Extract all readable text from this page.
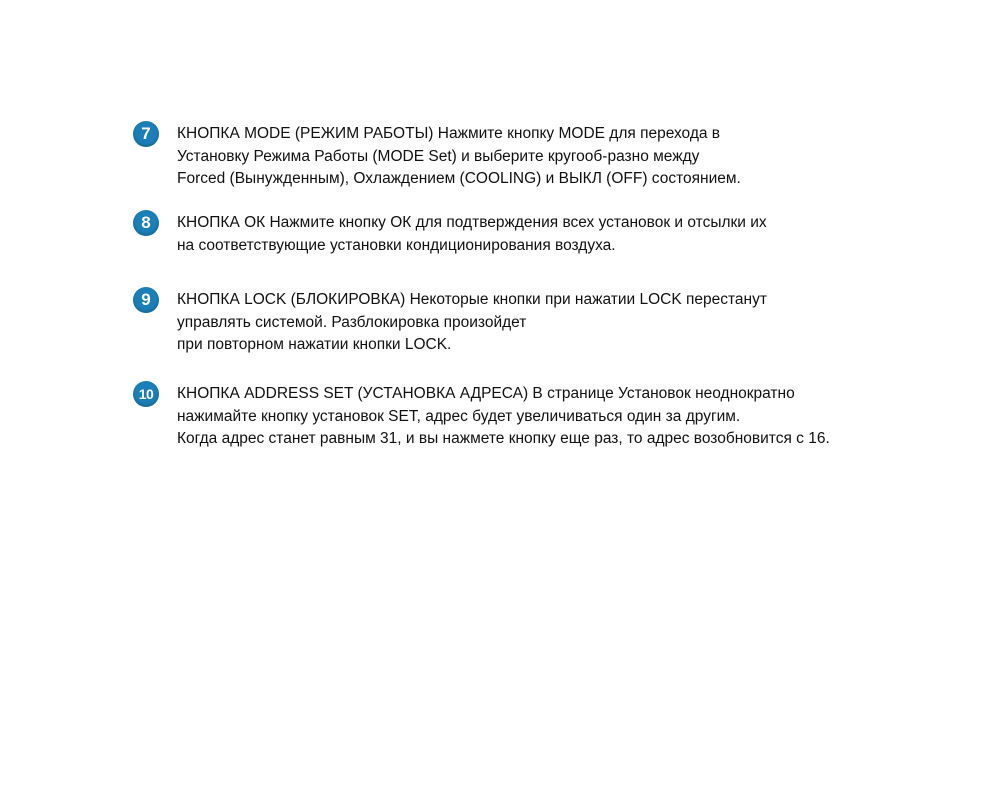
7	КНОПКА MODE (РЕЖИМ РАБОТЫ) Нажмите кнопку MODE для перехода в
Установку Режима Работы (MODE Set) и выберите кругооб-разно между
Forced (Вынужденным), Охлаждением (COOLING) и ВЫКЛ (OFF) состоянием.
8	КНОПКА ОК Нажмите кнопку ОК для подтверждения всех установок и отсылки их
на соответствующие установки кондиционирования воздуха.
9	КНОПКА LOCK (БЛОКИРОВКА) Некоторые кнопки при нажатии LOCK перестанут
управлять системой. Разблокировка произойдет
при повторном нажатии кнопки LOCK.
10	КНОПКА ADDRESS SET (УСТАНОВКА АДРЕСА) В странице Установок неоднократно
нажимайте кнопку установок SET, адрес будет увеличиваться один за другим.
Когда адрес станет равным 31, и вы нажмете кнопку еще раз, то адрес возобновится с 16.
